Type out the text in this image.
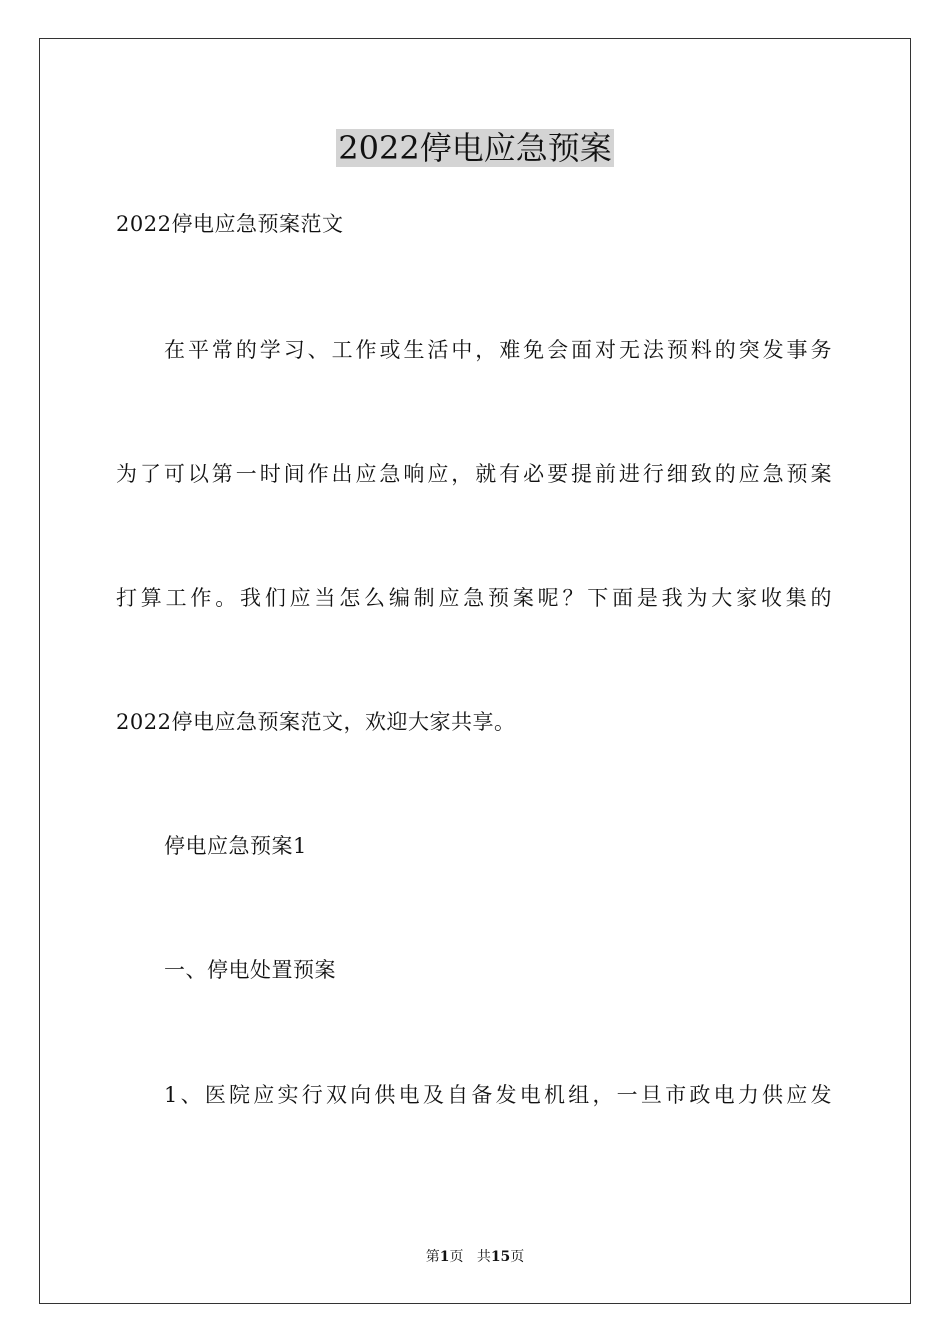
2022停电应急预案
2022停电应急预案范文
在平常的学习、工作或生活中，难免会面对无法预料的突发事务
为了可以第一时间作出应急响应，就有必要提前进行细致的应急预案
打算工作。我们应当怎么编制应急预案呢？下面是我为大家收集的
2022停电应急预案范文，欢迎大家共享。
停电应急预案1
一、停电处置预案
1、医院应实行双向供电及自备发电机组，一旦市政电力供应发
第1页 共15页
